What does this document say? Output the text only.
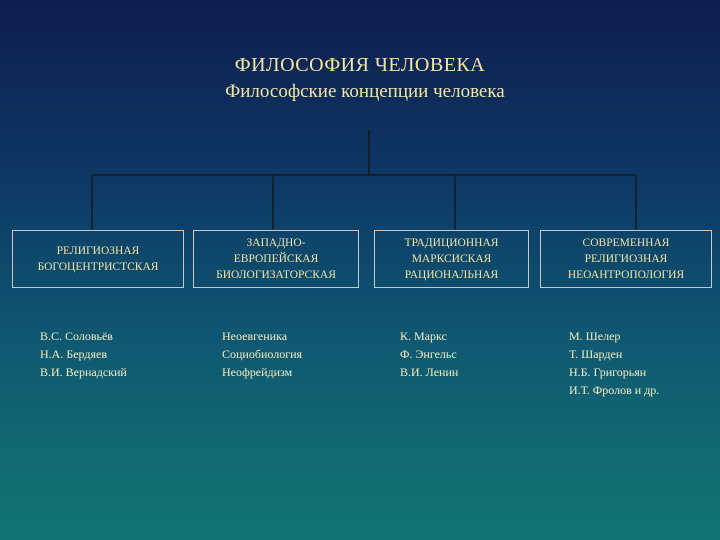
ФИЛОСОФИЯ ЧЕЛОВЕКА
Философские концепции человека
РЕЛИГИОЗНАЯ
БОГОЦЕНТРИСТСКАЯ
ЗАПАДНО-
ЕВРОПЕЙСКАЯ
БИОЛОГИЗАТОРСКАЯ
ТРАДИЦИОННАЯ
МАРКСИСКАЯ
РАЦИОНАЛЬНАЯ
СОВРЕМЕННАЯ
РЕЛИГИОЗНАЯ
НЕОАНТРОПОЛОГИЯ
В.С. Соловьёв
Н.А. Бердяев
В.И. Вернадский
Неоевгеника
Социобиология
Неофрейдизм
К. Маркс
Ф. Энгельс
В.И. Ленин
М. Шелер
Т. Шарден
Н.Б. Григорьян
И.Т. Фролов и др.
